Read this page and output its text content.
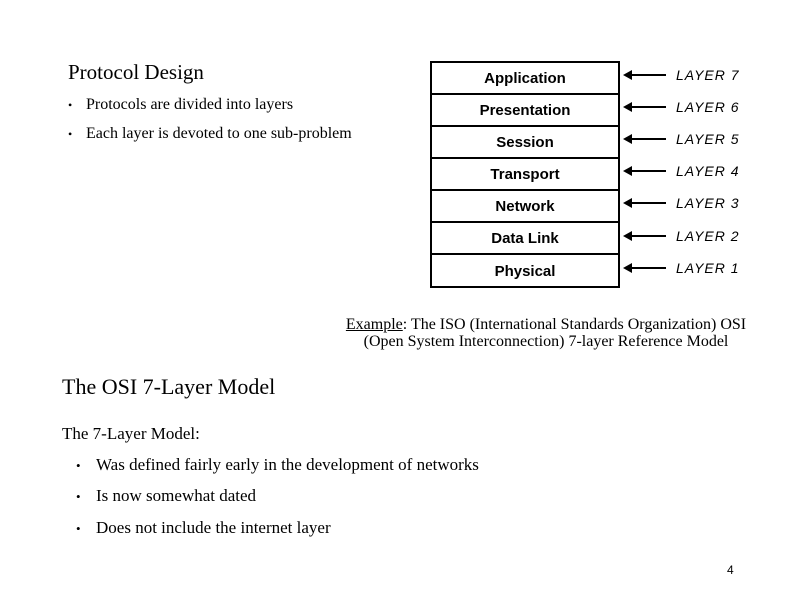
Protocol Design
• Protocols are divided into layers
• Each layer is devoted to one sub-problem
Application
Presentation
Session
Transport
Network
Data Link
Physical
LAYER 7
LAYER 6
LAYER 5
LAYER 4
LAYER 3
LAYER 2
LAYER 1
Example: The ISO (International Standards Organization) OSI (Open System Interconnection) 7-layer Reference Model
The OSI 7-Layer Model
The 7-Layer Model:
• Was defined fairly early in the development of networks
• Is now somewhat dated
• Does not include the internet layer
4
